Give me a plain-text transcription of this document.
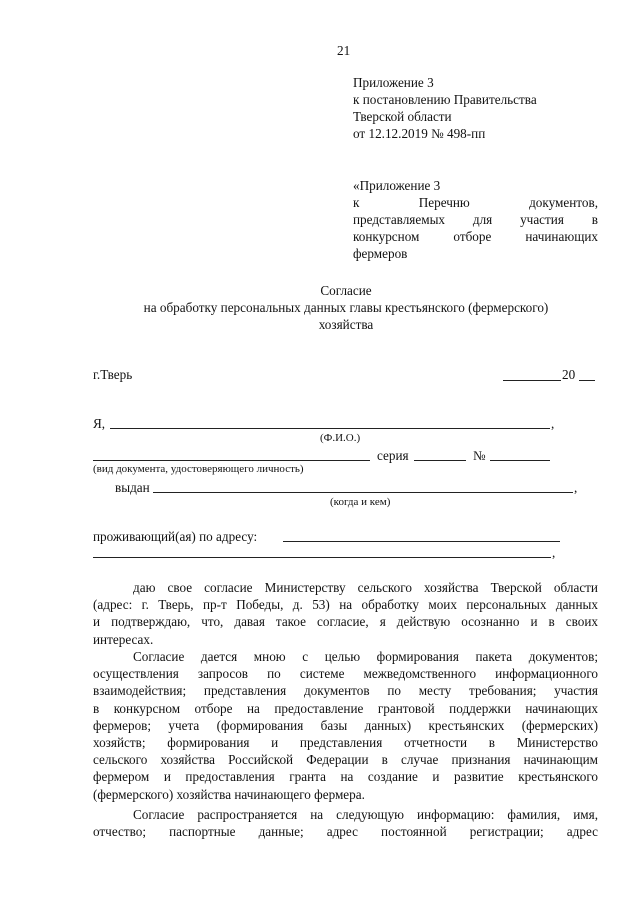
21
Приложение 3
к постановлению Правительства
Тверской области
от 12.12.2019 № 498-пп
«Приложение 3
к Перечню документов,
представляемых для участия в
конкурсном отборе начинающих
фермеров
Согласие
на обработку персональных данных главы крестьянского (фермерского)
хозяйства
г.Тверь	20
Я,	,
(Ф.И.О.)
серия	№
(вид документа, удостоверяющего личность)
выдан	,
(когда и кем)
проживающий(ая) по адресу:
,
даю свое согласие Министерству сельского хозяйства Тверской области
(адрес: г. Тверь, пр-т Победы, д. 53) на обработку моих персональных данных
и подтверждаю, что, давая такое согласие, я действую осознанно и в своих
интересах.
Согласие дается мною с целью формирования пакета документов;
осуществления запросов по системе межведомственного информационного
взаимодействия; представления документов по месту требования; участия
в конкурсном отборе на предоставление грантовой поддержки начинающих
фермеров; учета (формирования базы данных) крестьянских (фермерских)
хозяйств; формирования и представления отчетности в Министерство
сельского хозяйства Российской Федерации в случае признания начинающим
фермером и предоставления гранта на создание и развитие крестьянского
(фермерского) хозяйства начинающего фермера.
Согласие распространяется на следующую информацию: фамилия, имя,
отчество; паспортные данные; адрес постоянной регистрации; адрес
